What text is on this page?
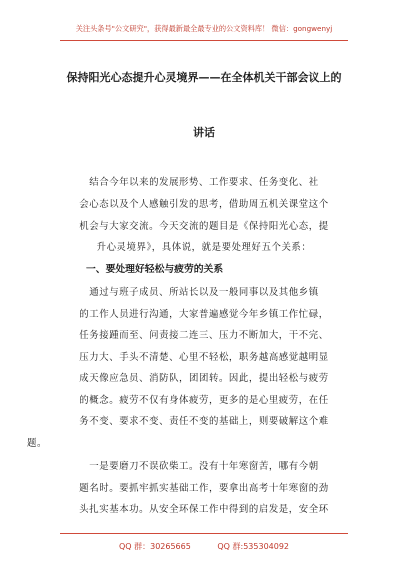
关注头条号"公文研究"，获得最新最全最专业的公文资料库！ 微信：gongwenyj
保持阳光心态提升心灵境界——在全体机关干部会议上的
讲话
结合今年以来的发展形势、工作要求、任务变化、社
会心态以及个人感触引发的思考，借助周五机关课堂这个
机会与大家交流。今天交流的题目是《保持阳光心态，提
升心灵境界》，具体说，就是要处理好五个关系：
一、要处理好轻松与疲劳的关系
通过与班子成员、所站长以及一般同事以及其他乡镇
的工作人员进行沟通，大家普遍感觉今年乡镇工作忙碌，
任务接踵而至、问责接二连三、压力不断加大，干不完、
压力大、手头不清楚、心里不轻松，职务越高感觉越明显
成天像应急员、消防队，团团转。因此，提出轻松与疲劳
的概念。疲劳不仅有身体疲劳，更多的是心里疲劳，在任
务不变、要求不变、责任不变的基础上，则要破解这个难
题。
一是要磨刀不误砍柴工。没有十年寒窗苦，哪有今朝
题名时。要抓牢抓实基础工作，要拿出高考十年寒窗的劲
头扎实基本功。从安全环保工作中得到的启发是，安全环
QQ 群：30265665	QQ 群:535304092
